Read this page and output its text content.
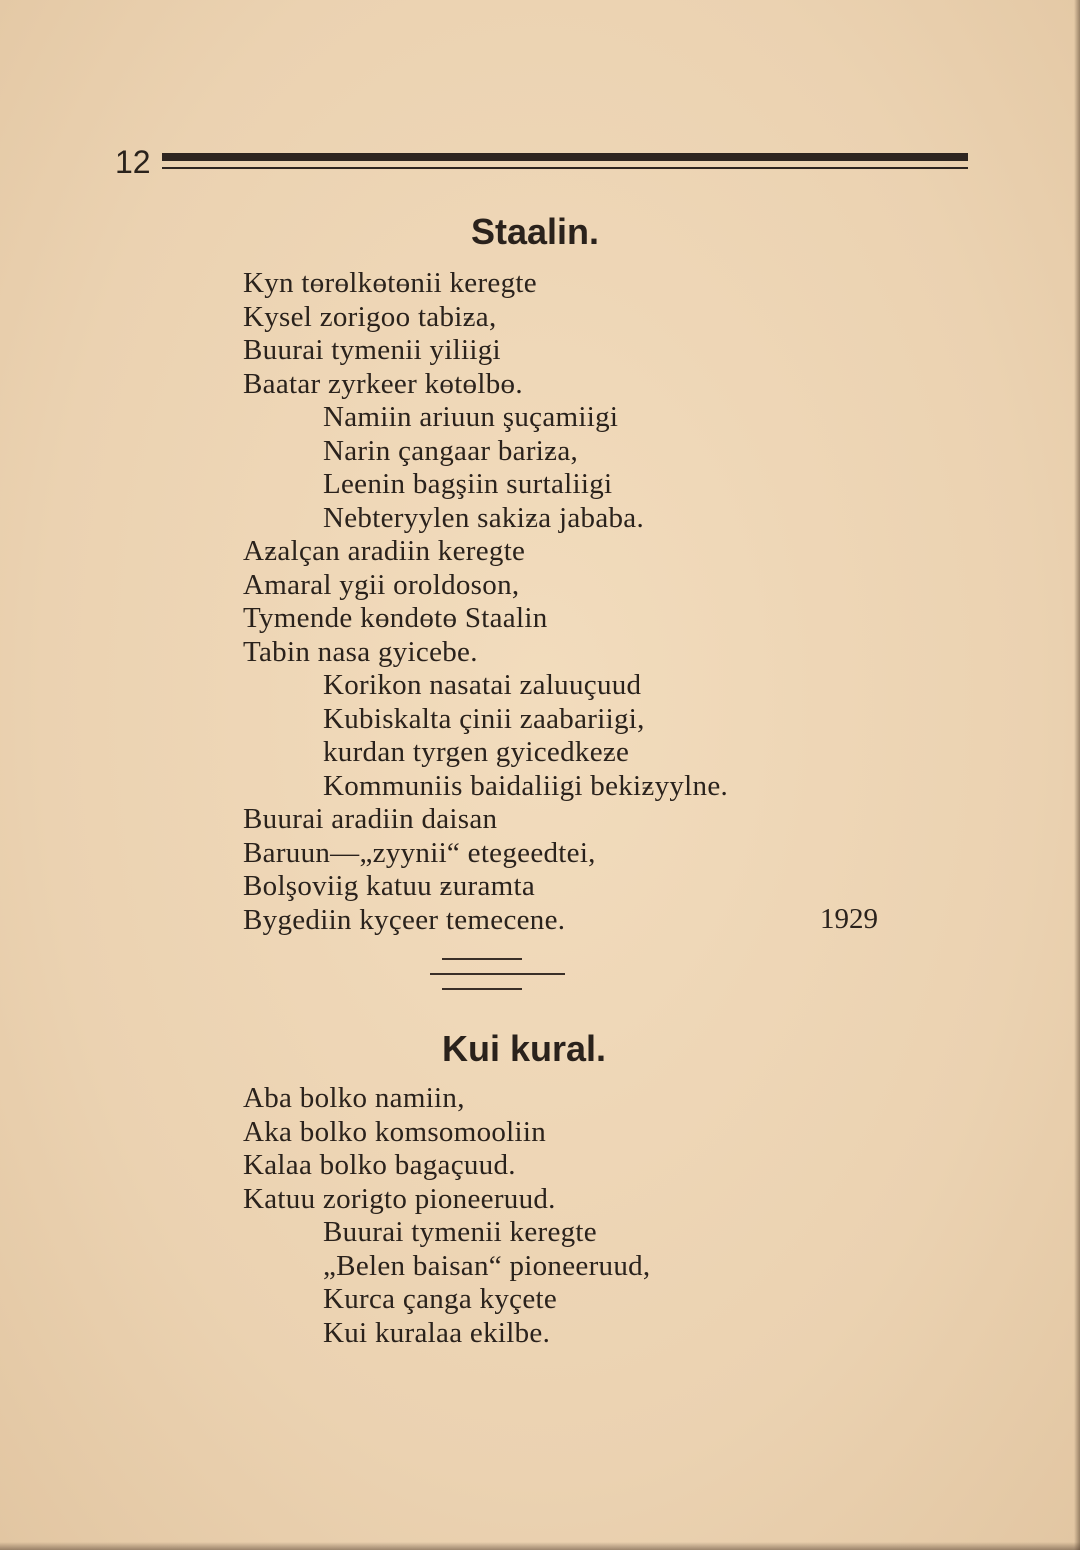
12
Staalin.
Kyn tɵrɵlkɵtɵnii keregte
Kysel zorigoo tabiƶa,
Buurai tymenii yiliigi
Baatar zyrkeer kɵtɵlbɵ.
Namiin ariuun şuçamiigi
Narin çangaar bariƶa,
Leenin bagşiin surtaliigi
Nebteryylen sakiƶa jababa.
Aƶalçan aradiin keregte
Amaral ygii oroldoson,
Tymende kɵndɵtɵ Staalin
Tabin nasa gyicebe.
Korikon nasatai zaluuçuud
Kubiskalta çinii zaabariigi,
kurdan tyrgen gyicedkeƶe
Kommuniis baidaliigi bekiƶyylne.
Buurai aradiin daisan
Baruun—„zyynii“ etegeedtei,
Bolşoviig katuu ƶuramta
Bygediin kyçeer temecene.	1929
Kui kural.
Aba bolko namiin,
Aka bolko komsomooliin
Kalaa bolko bagaçuud.
Katuu zorigto pioneeruud.
Buurai tymenii keregte
„Belen baisan“ pioneeruud,
Kurca çanga kyçete
Kui kuralaa ekilbe.
